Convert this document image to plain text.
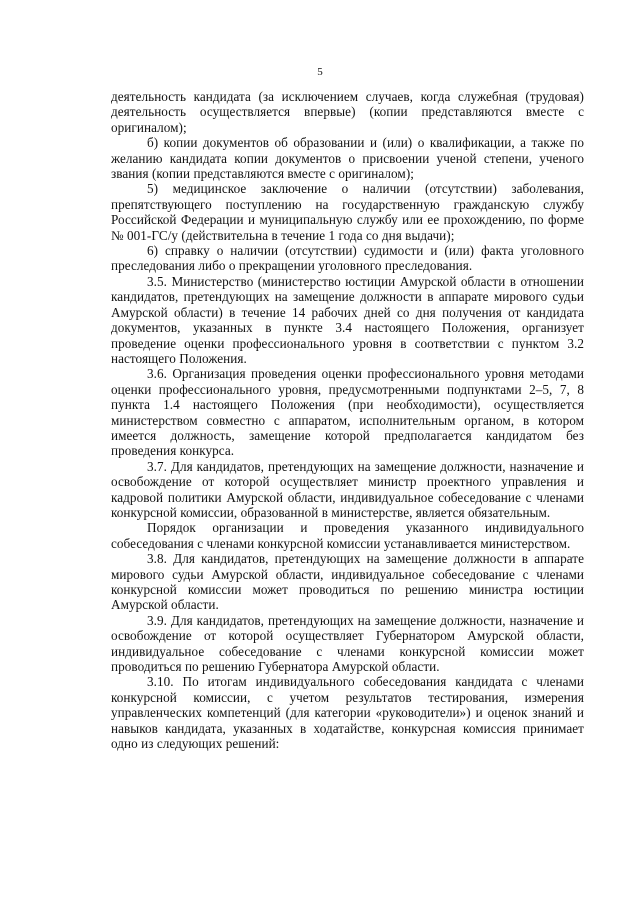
5

деятельность кандидата (за исключением случаев, когда служебная (трудовая) деятельность осуществляется впервые) (копии представляются вместе с оригиналом);

б) копии документов об образовании и (или) о квалификации, а также по желанию кандидата копии документов о присвоении ученой степени, ученого звания (копии представляются вместе с оригиналом);

5) медицинское заключение о наличии (отсутствии) заболевания, препятствующего поступлению на государственную гражданскую службу Российской Федерации и муниципальную службу или ее прохождению, по форме № 001-ГС/у (действительна в течение 1 года со дня выдачи);

6) справку о наличии (отсутствии) судимости и (или) факта уголовного преследования либо о прекращении уголовного преследования.

3.5. Министерство (министерство юстиции Амурской области в отношении кандидатов, претендующих на замещение должности в аппарате мирового судьи Амурской области) в течение 14 рабочих дней со дня получения от кандидата документов, указанных в пункте 3.4 настоящего Положения, организует проведение оценки профессионального уровня в соответствии с пунктом 3.2 настоящего Положения.

3.6. Организация проведения оценки профессионального уровня методами оценки профессионального уровня, предусмотренными подпунктами 2–5, 7, 8 пункта 1.4 настоящего Положения (при необходимости), осуществляется министерством совместно с аппаратом, исполнительным органом, в котором имеется должность, замещение которой предполагается кандидатом без проведения конкурса.

3.7. Для кандидатов, претендующих на замещение должности, назначение и освобождение от которой осуществляет министр проектного управления и кадровой политики Амурской области, индивидуальное собеседование с членами конкурсной комиссии, образованной в министерстве, является обязательным.

Порядок организации и проведения указанного индивидуального собеседования с членами конкурсной комиссии устанавливается министерством.

3.8. Для кандидатов, претендующих на замещение должности в аппарате мирового судьи Амурской области, индивидуальное собеседование с членами конкурсной комиссии может проводиться по решению министра юстиции Амурской области.

3.9. Для кандидатов, претендующих на замещение должности, назначение и освобождение от которой осуществляет Губернатором Амурской области, индивидуальное собеседование с членами конкурсной комиссии может проводиться по решению Губернатора Амурской области.

3.10. По итогам индивидуального собеседования кандидата с членами конкурсной комиссии, с учетом результатов тестирования, измерения управленческих компетенций (для категории «руководители») и оценок знаний и навыков кандидата, указанных в ходатайстве, конкурсная комиссия принимает одно из следующих решений:
